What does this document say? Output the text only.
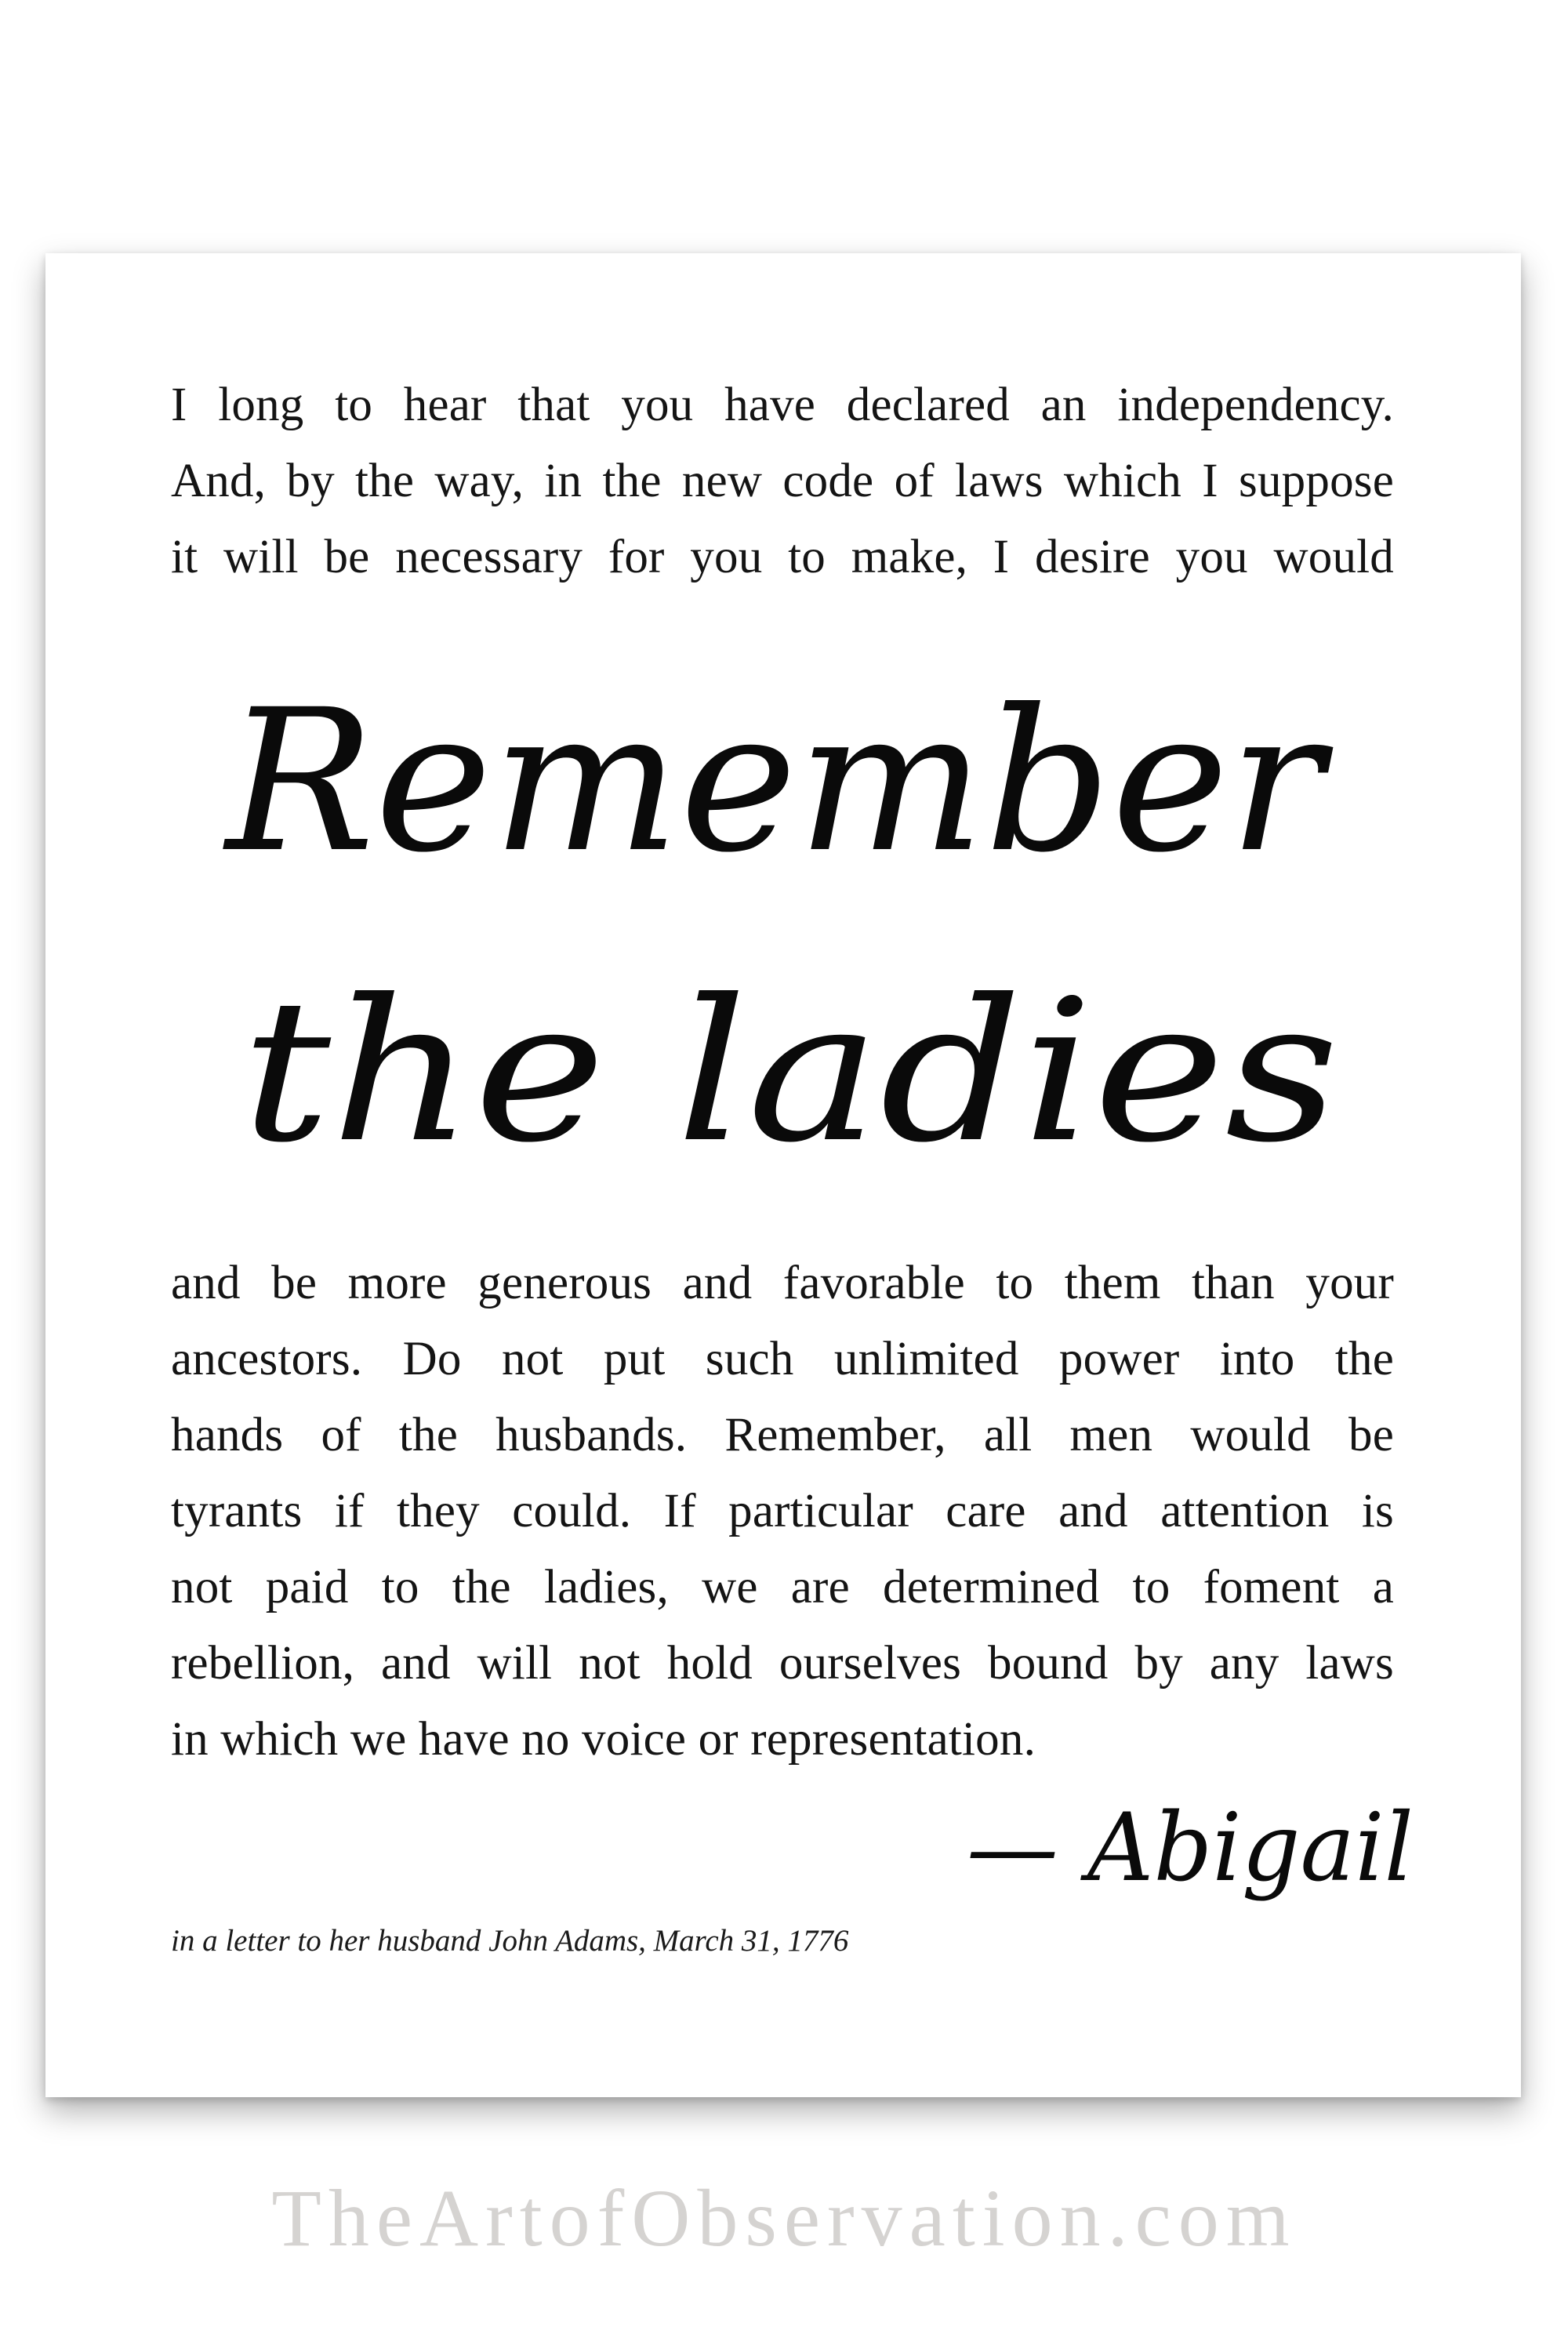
I long to hear that you have declared an independency.
And, by the way, in the new code of laws which I suppose
it will be necessary for you to make, I desire you would
Remember
the ladies
and be more generous and favorable to them than your
ancestors. Do not put such unlimited power into the
hands of the husbands. Remember, all men would be
tyrants if they could. If particular care and attention is
not paid to the ladies, we are determined to foment a
rebellion, and will not hold ourselves bound by any laws
in which we have no voice or representation.
— Abigail
in a letter to her husband John Adams, March 31, 1776
TheArtofObservation.com
